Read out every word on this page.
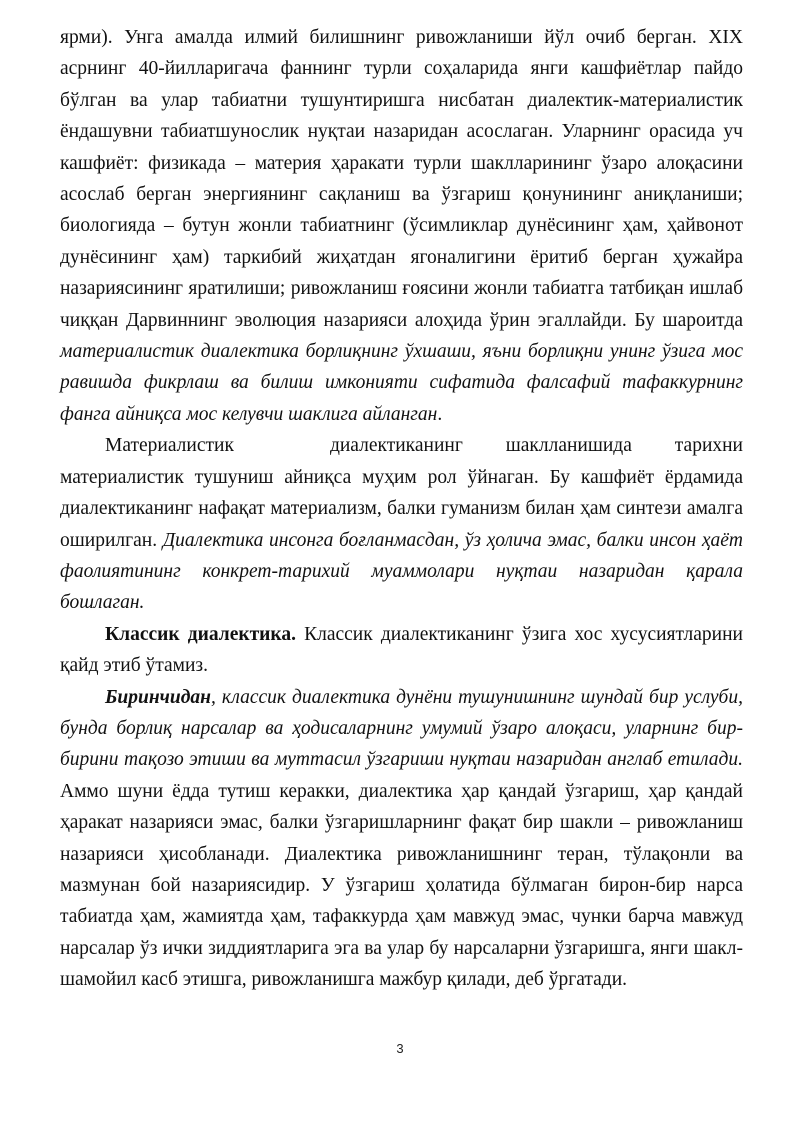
ярми). Унга амалда илмий билишнинг ривожланиши йўл очиб берган. XIX асрнинг 40-йилларигача фаннинг турли соҳаларида янги кашфиётлар пайдо бўлган ва улар табиатни тушунтиришга нисбатан диалектик-материалистик ёндашувни табиатшунослик нуқтаи назаридан асослаган. Уларнинг орасида уч кашфиёт: физикада – материя ҳаракати турли шаклларининг ўзаро алоқасини асослаб берган энергиянинг сақланиш ва ўзгариш қонунининг аниқланиши; биологияда – бутун жонли табиатнинг (ўсимликлар дунёсининг ҳам, ҳайвонот дунёсининг ҳам) таркибий жиҳатдан ягоналигини ёритиб берган ҳужайра назариясининг яратилиши; ривожланиш ғоясини жонли табиатга татбиқан ишлаб чиққан Дарвиннинг эволюция назарияси алоҳида ўрин эгаллайди. Бу шароитда материалистик диалектика борлиқнинг ўхшаши, яъни борлиқни унинг ўзига мос равишда фикрлаш ва билиш имконияти сифатида фалсафий тафаккурнинг фанга айниқса мос келувчи шаклига айланган.

Материалистик	диалектиканинг шаклланишида тарихни материалистик тушуниш айниқса муҳим рол ўйнаган. Бу кашфиёт ёрдамида диалектиканинг нафақат материализм, балки гуманизм билан ҳам синтези амалга оширилган. Диалектика инсонга боғланмасдан, ўз ҳолича эмас, балки инсон ҳаёт фаолиятининг конкрет-тарихий муаммолари нуқтаи назаридан қарала бошлаган.

Классик диалектика. Классик диалектиканинг ўзига хос хусусиятларини қайд этиб ўтамиз.

Биринчидан, классик диалектика дунёни тушунишнинг шундай бир услуби, бунда борлиқ нарсалар ва ҳодисаларнинг умумий ўзаро алоқаси, уларнинг бир-бирини тақозо этиши ва муттасил ўзгариши нуқтаи назаридан англаб етилади. Аммо шуни ёдда тутиш керакки, диалектика ҳар қандай ўзгариш, ҳар қандай ҳаракат назарияси эмас, балки ўзгаришларнинг фақат бир шакли – ривожланиш назарияси ҳисобланади. Диалектика ривожланишнинг теран, тўлақонли ва мазмунан бой назариясидир. У ўзгариш ҳолатида бўлмаган бирон-бир нарса табиатда ҳам, жамиятда ҳам, тафаккурда ҳам мавжуд эмас, чунки барча мавжуд нарсалар ўз ички зиддиятларига эга ва улар бу нарсаларни ўзгаришга, янги шакл-шамойил касб этишга, ривожланишга мажбур қилади, деб ўргатади.

3
